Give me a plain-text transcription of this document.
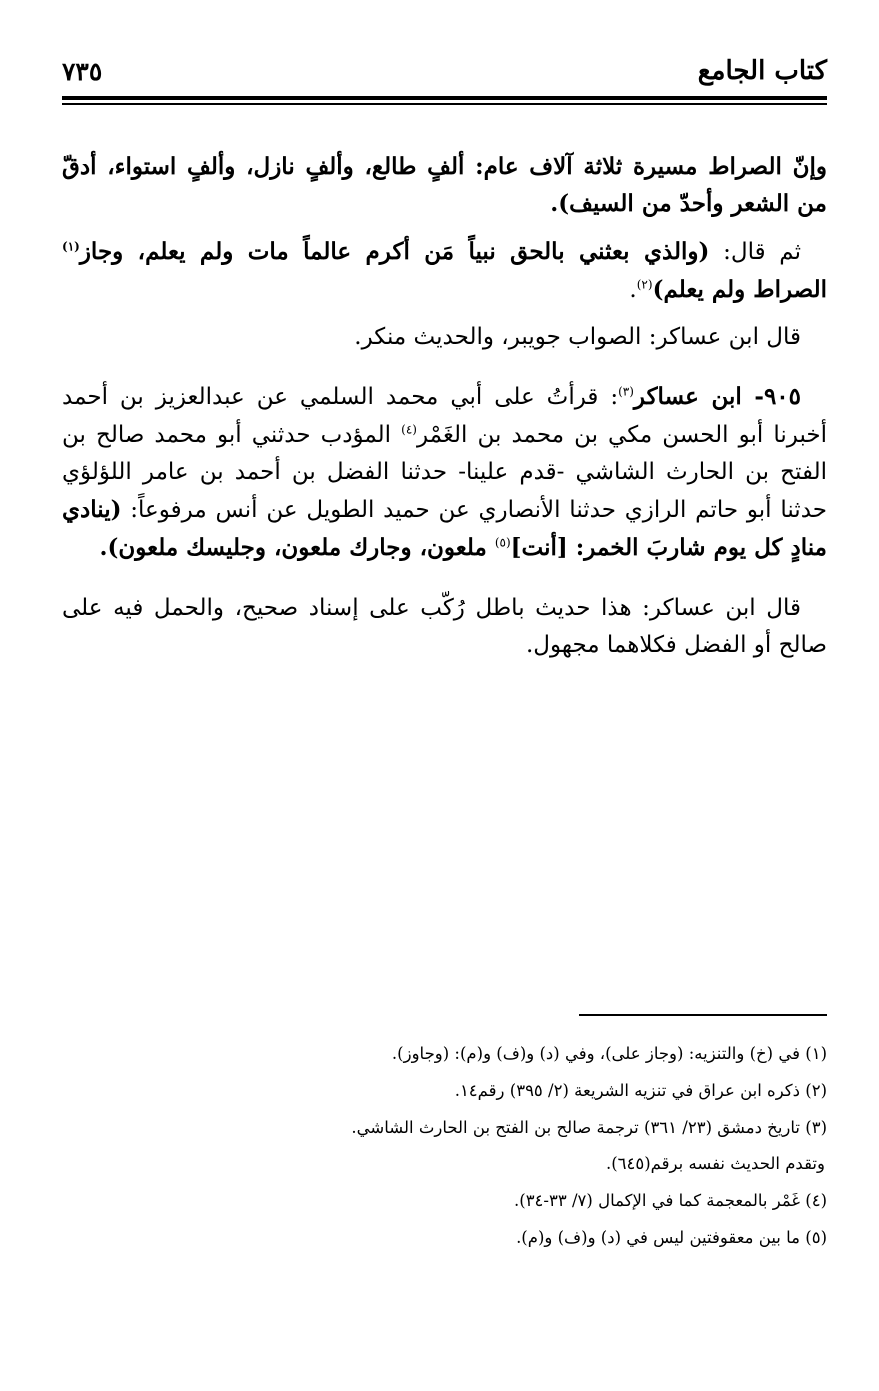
كتاب الجامع
٧٣٥

وإنّ الصراط مسيرة ثلاثة آلاف عام: ألفٍ طالع، وألفٍ نازل، وألفٍ استواء، أدقّ من الشعر وأحدّ من السيف).

ثم قال: (والذي بعثني بالحق نبياً مَن أكرم عالماً مات ولم يعلم، وجاز$^{(١)}$ الصراط ولم يعلم)$^{(٢)}$.

قال ابن عساكر: الصواب جويبر، والحديث منكر.

٩٠٥- ابن عساكر$^{(٣)}$: قرأتُ على أبي محمد السلمي عن عبدالعزيز بن أحمد أخبرنا أبو الحسن مكي بن محمد بن الغَمْر$^{(٤)}$ المؤدب حدثني أبو محمد صالح بن الفتح بن الحارث الشاشي -قدم علينا- حدثنا الفضل بن أحمد بن عامر اللؤلؤي حدثنا أبو حاتم الرازي حدثنا الأنصاري عن حميد الطويل عن أنس مرفوعاً: (ينادي منادٍ كل يوم شاربَ الخمر: [أنت]$^{(٥)}$ ملعون، وجارك ملعون، وجليسك ملعون).

قال ابن عساكر: هذا حديث باطل رُكّب على إسناد صحيح، والحمل فيه على صالح أو الفضل فكلاهما مجهول.

(١) في (خ) والتنزيه: (وجاز على)، وفي (د) و(ف) و(م): (وجاوز).
(٢) ذكره ابن عراق في تنزيه الشريعة (٢/ ٣٩٥) رقم١٤.
(٣) تاريخ دمشق (٢٣/ ٣٦١) ترجمة صالح بن الفتح بن الحارث الشاشي.
وتقدم الحديث نفسه برقم(٦٤٥).
(٤) غَمْر بالمعجمة كما في الإكمال (٧/ ٣٣-٣٤).
(٥) ما بين معقوفتين ليس في (د) و(ف) و(م).
